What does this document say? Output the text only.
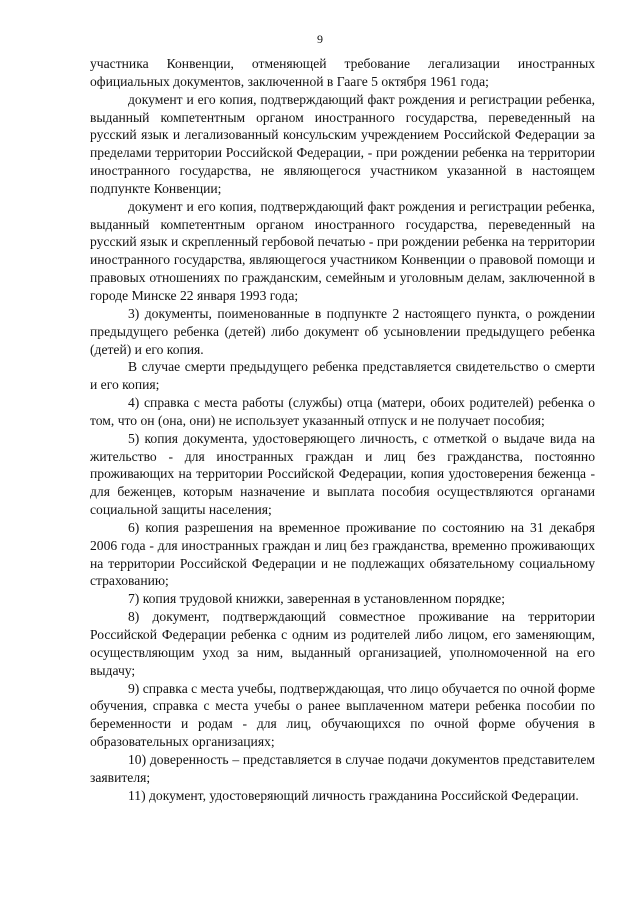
9

участника Конвенции, отменяющей требование легализации иностранных официальных документов, заключенной в Гааге 5 октября 1961 года;

документ и его копия, подтверждающий факт рождения и регистрации ребенка, выданный компетентным органом иностранного государства, переведенный на русский язык и легализованный консульским учреждением Российской Федерации за пределами территории Российской Федерации, - при рождении ребенка на территории иностранного государства, не являющегося участником указанной в настоящем подпункте Конвенции;

документ и его копия, подтверждающий факт рождения и регистрации ребенка, выданный компетентным органом иностранного государства, переведенный на русский язык и скрепленный гербовой печатью - при рождении ребенка на территории иностранного государства, являющегося участником Конвенции о правовой помощи и правовых отношениях по гражданским, семейным и уголовным делам, заключенной в городе Минске 22 января 1993 года;

3) документы, поименованные в подпункте 2 настоящего пункта, о рождении предыдущего ребенка (детей) либо документ об усыновлении предыдущего ребенка (детей) и его копия.

В случае смерти предыдущего ребенка представляется свидетельство о смерти и его копия;

4) справка с места работы (службы) отца (матери, обоих родителей) ребенка о том, что он (она, они) не использует указанный отпуск и не получает пособия;

5) копия документа, удостоверяющего личность, с отметкой о выдаче вида на жительство - для иностранных граждан и лиц без гражданства, постоянно проживающих на территории Российской Федерации, копия удостоверения беженца - для беженцев, которым назначение и выплата пособия осуществляются органами социальной защиты населения;

6) копия разрешения на временное проживание по состоянию на 31 декабря 2006 года - для иностранных граждан и лиц без гражданства, временно проживающих на территории Российской Федерации и не подлежащих обязательному социальному страхованию;

7) копия трудовой книжки, заверенная в установленном порядке;

8) документ, подтверждающий совместное проживание на территории Российской Федерации ребенка с одним из родителей либо лицом, его заменяющим, осуществляющим уход за ним, выданный организацией, уполномоченной на его выдачу;

9) справка с места учебы, подтверждающая, что лицо обучается по очной форме обучения, справка с места учебы о ранее выплаченном матери ребенка пособии по беременности и родам - для лиц, обучающихся по очной форме обучения в образовательных организациях;

10) доверенность – представляется в случае подачи документов представителем заявителя;

11) документ, удостоверяющий личность гражданина Российской Федерации.
